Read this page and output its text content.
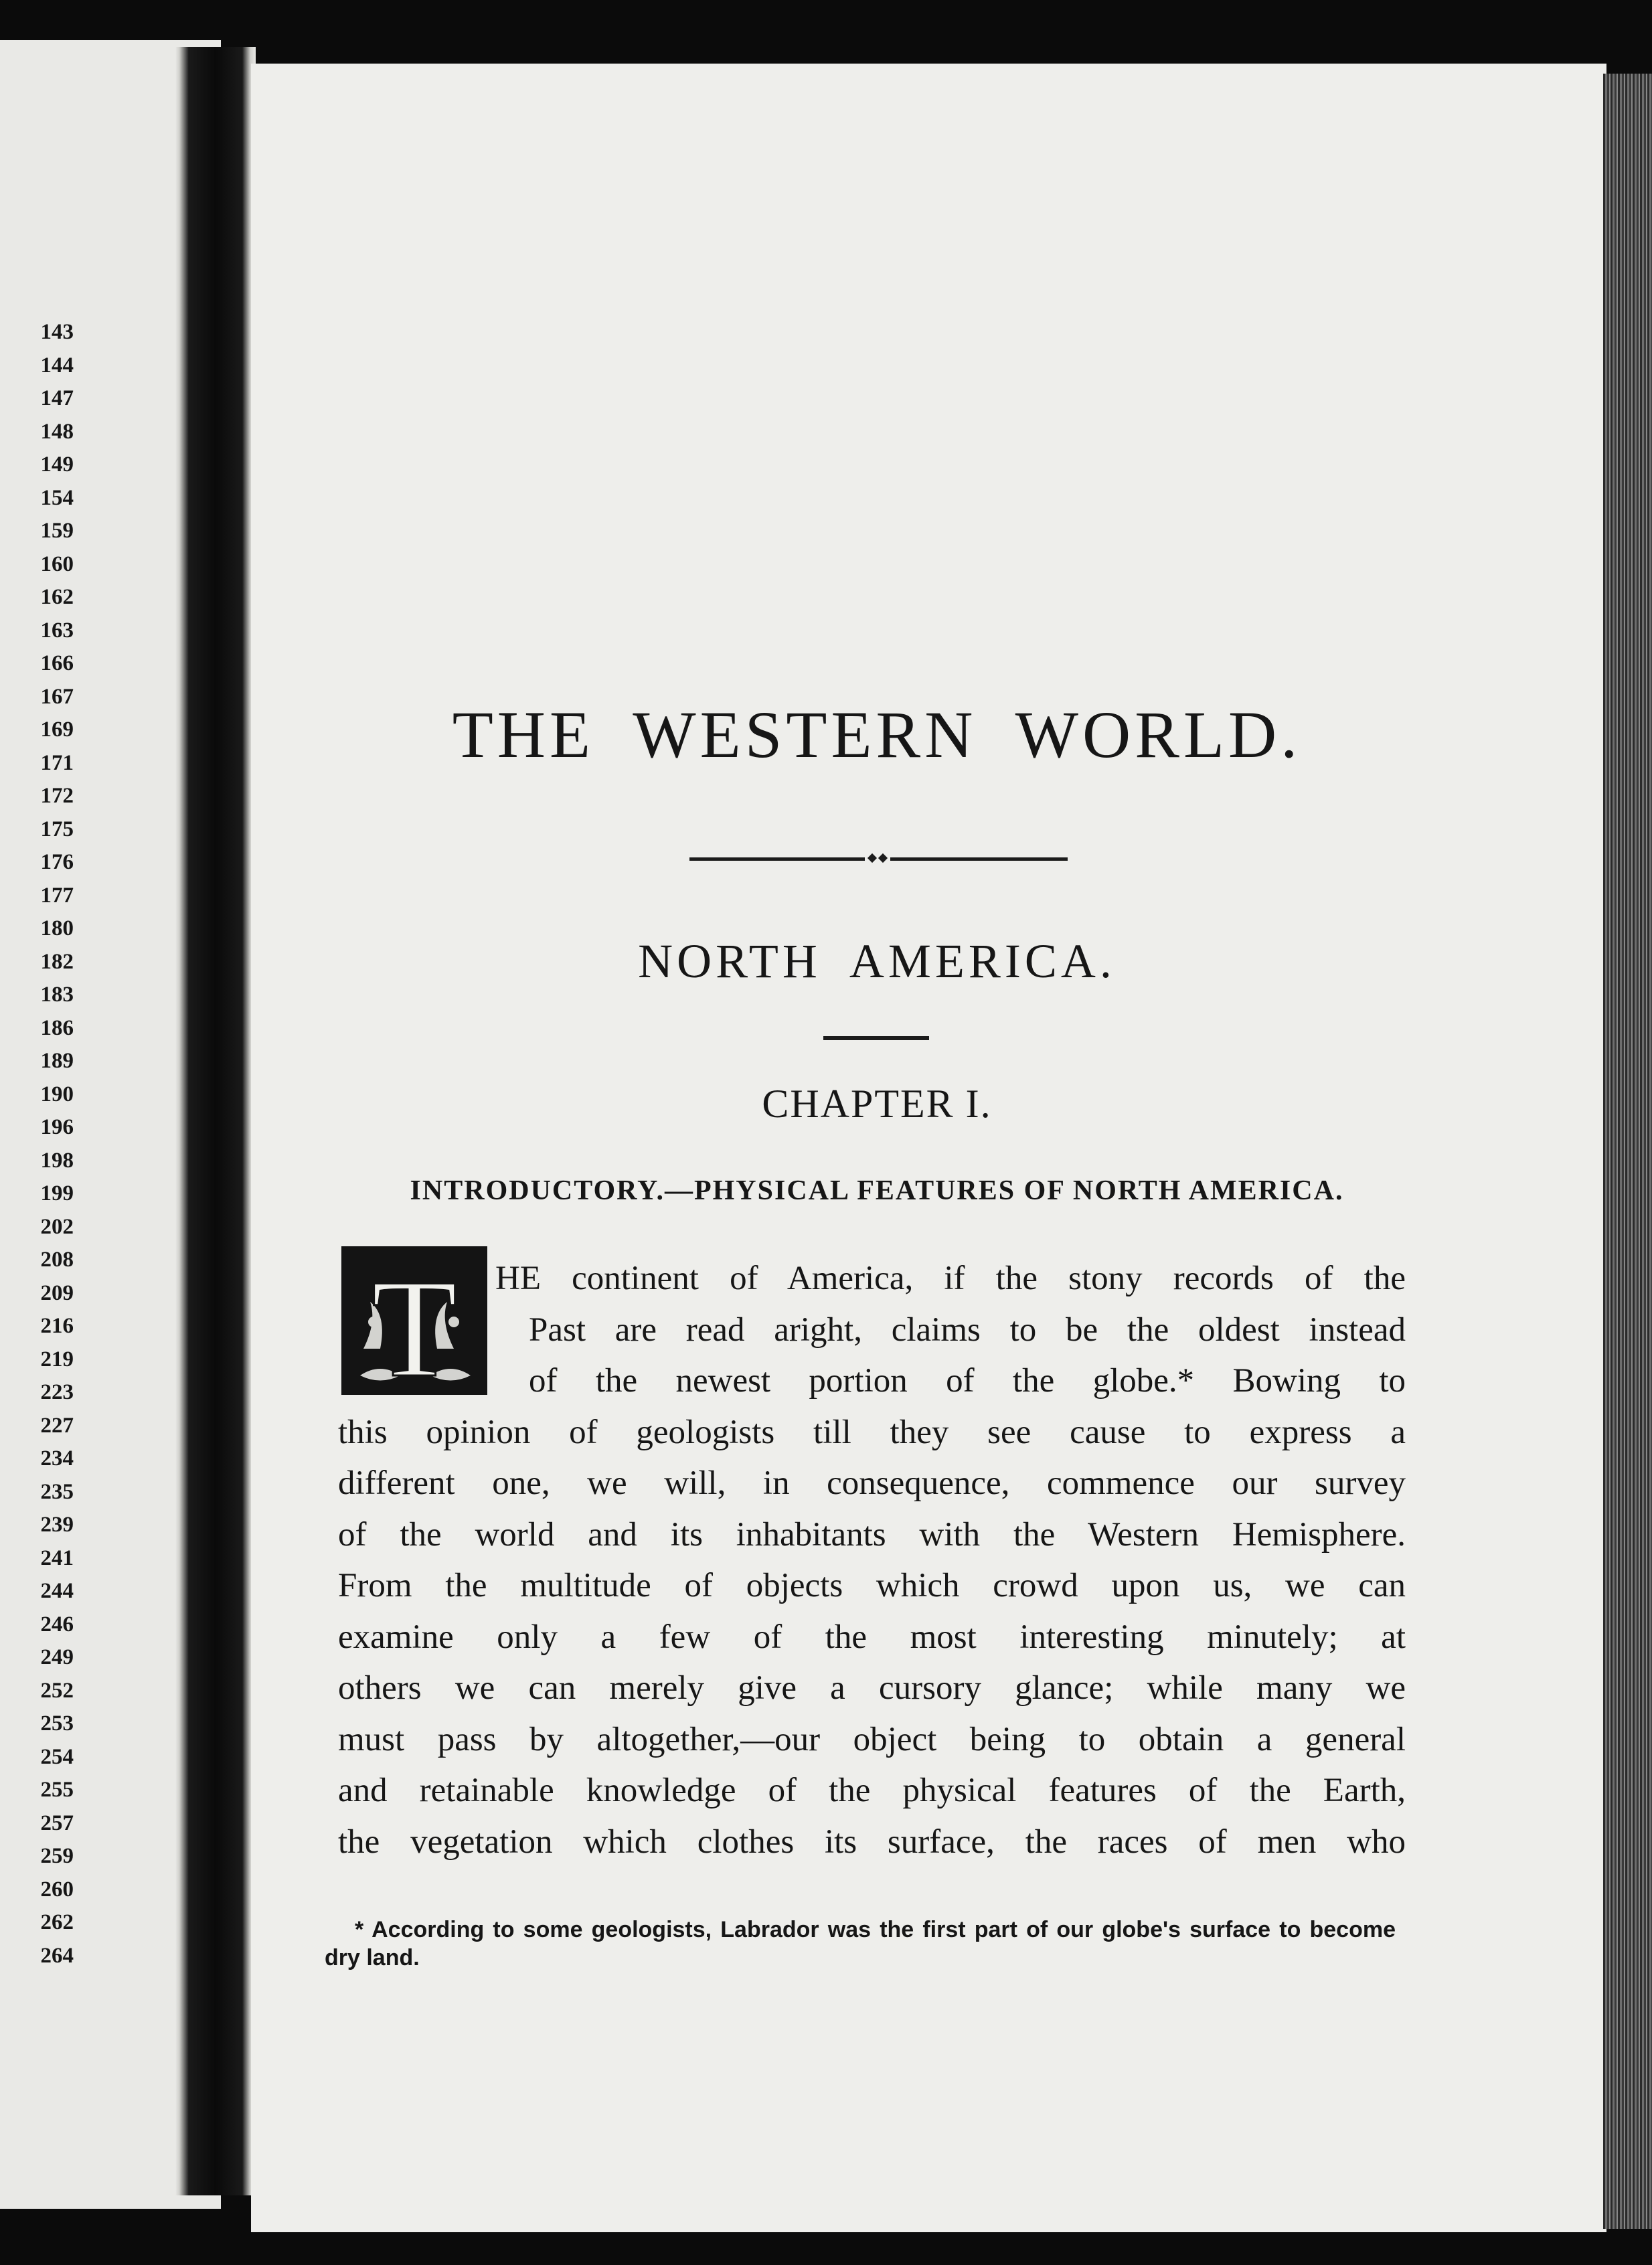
143
144
147
148
149
154
159
160
162
163
166
167
169
171
172
175
176
177
180
182
183
186
189
190
196
198
199
202
208
209
216
219
223
227
234
235
239
241
244
246
249
252
253
254
255
257
259
260
262
264
THE WESTERN WORLD.
NORTH AMERICA.
CHAPTER I.
INTRODUCTORY.—PHYSICAL FEATURES OF NORTH AMERICA.
T HE continent of America, if the stony records of the
Past are read aright, claims to be the oldest instead
of the newest portion of the globe.* Bowing to
this opinion of geologists till they see cause to express a
different one, we will, in consequence, commence our survey
of the world and its inhabitants with the Western Hemisphere.
From the multitude of objects which crowd upon us, we can
examine only a few of the most interesting minutely; at
others we can merely give a cursory glance; while many we
must pass by altogether,—our object being to obtain a general
and retainable knowledge of the physical features of the Earth,
the vegetation which clothes its surface, the races of men who
* According to some geologists, Labrador was the first part of our globe's surface to become
dry land.
